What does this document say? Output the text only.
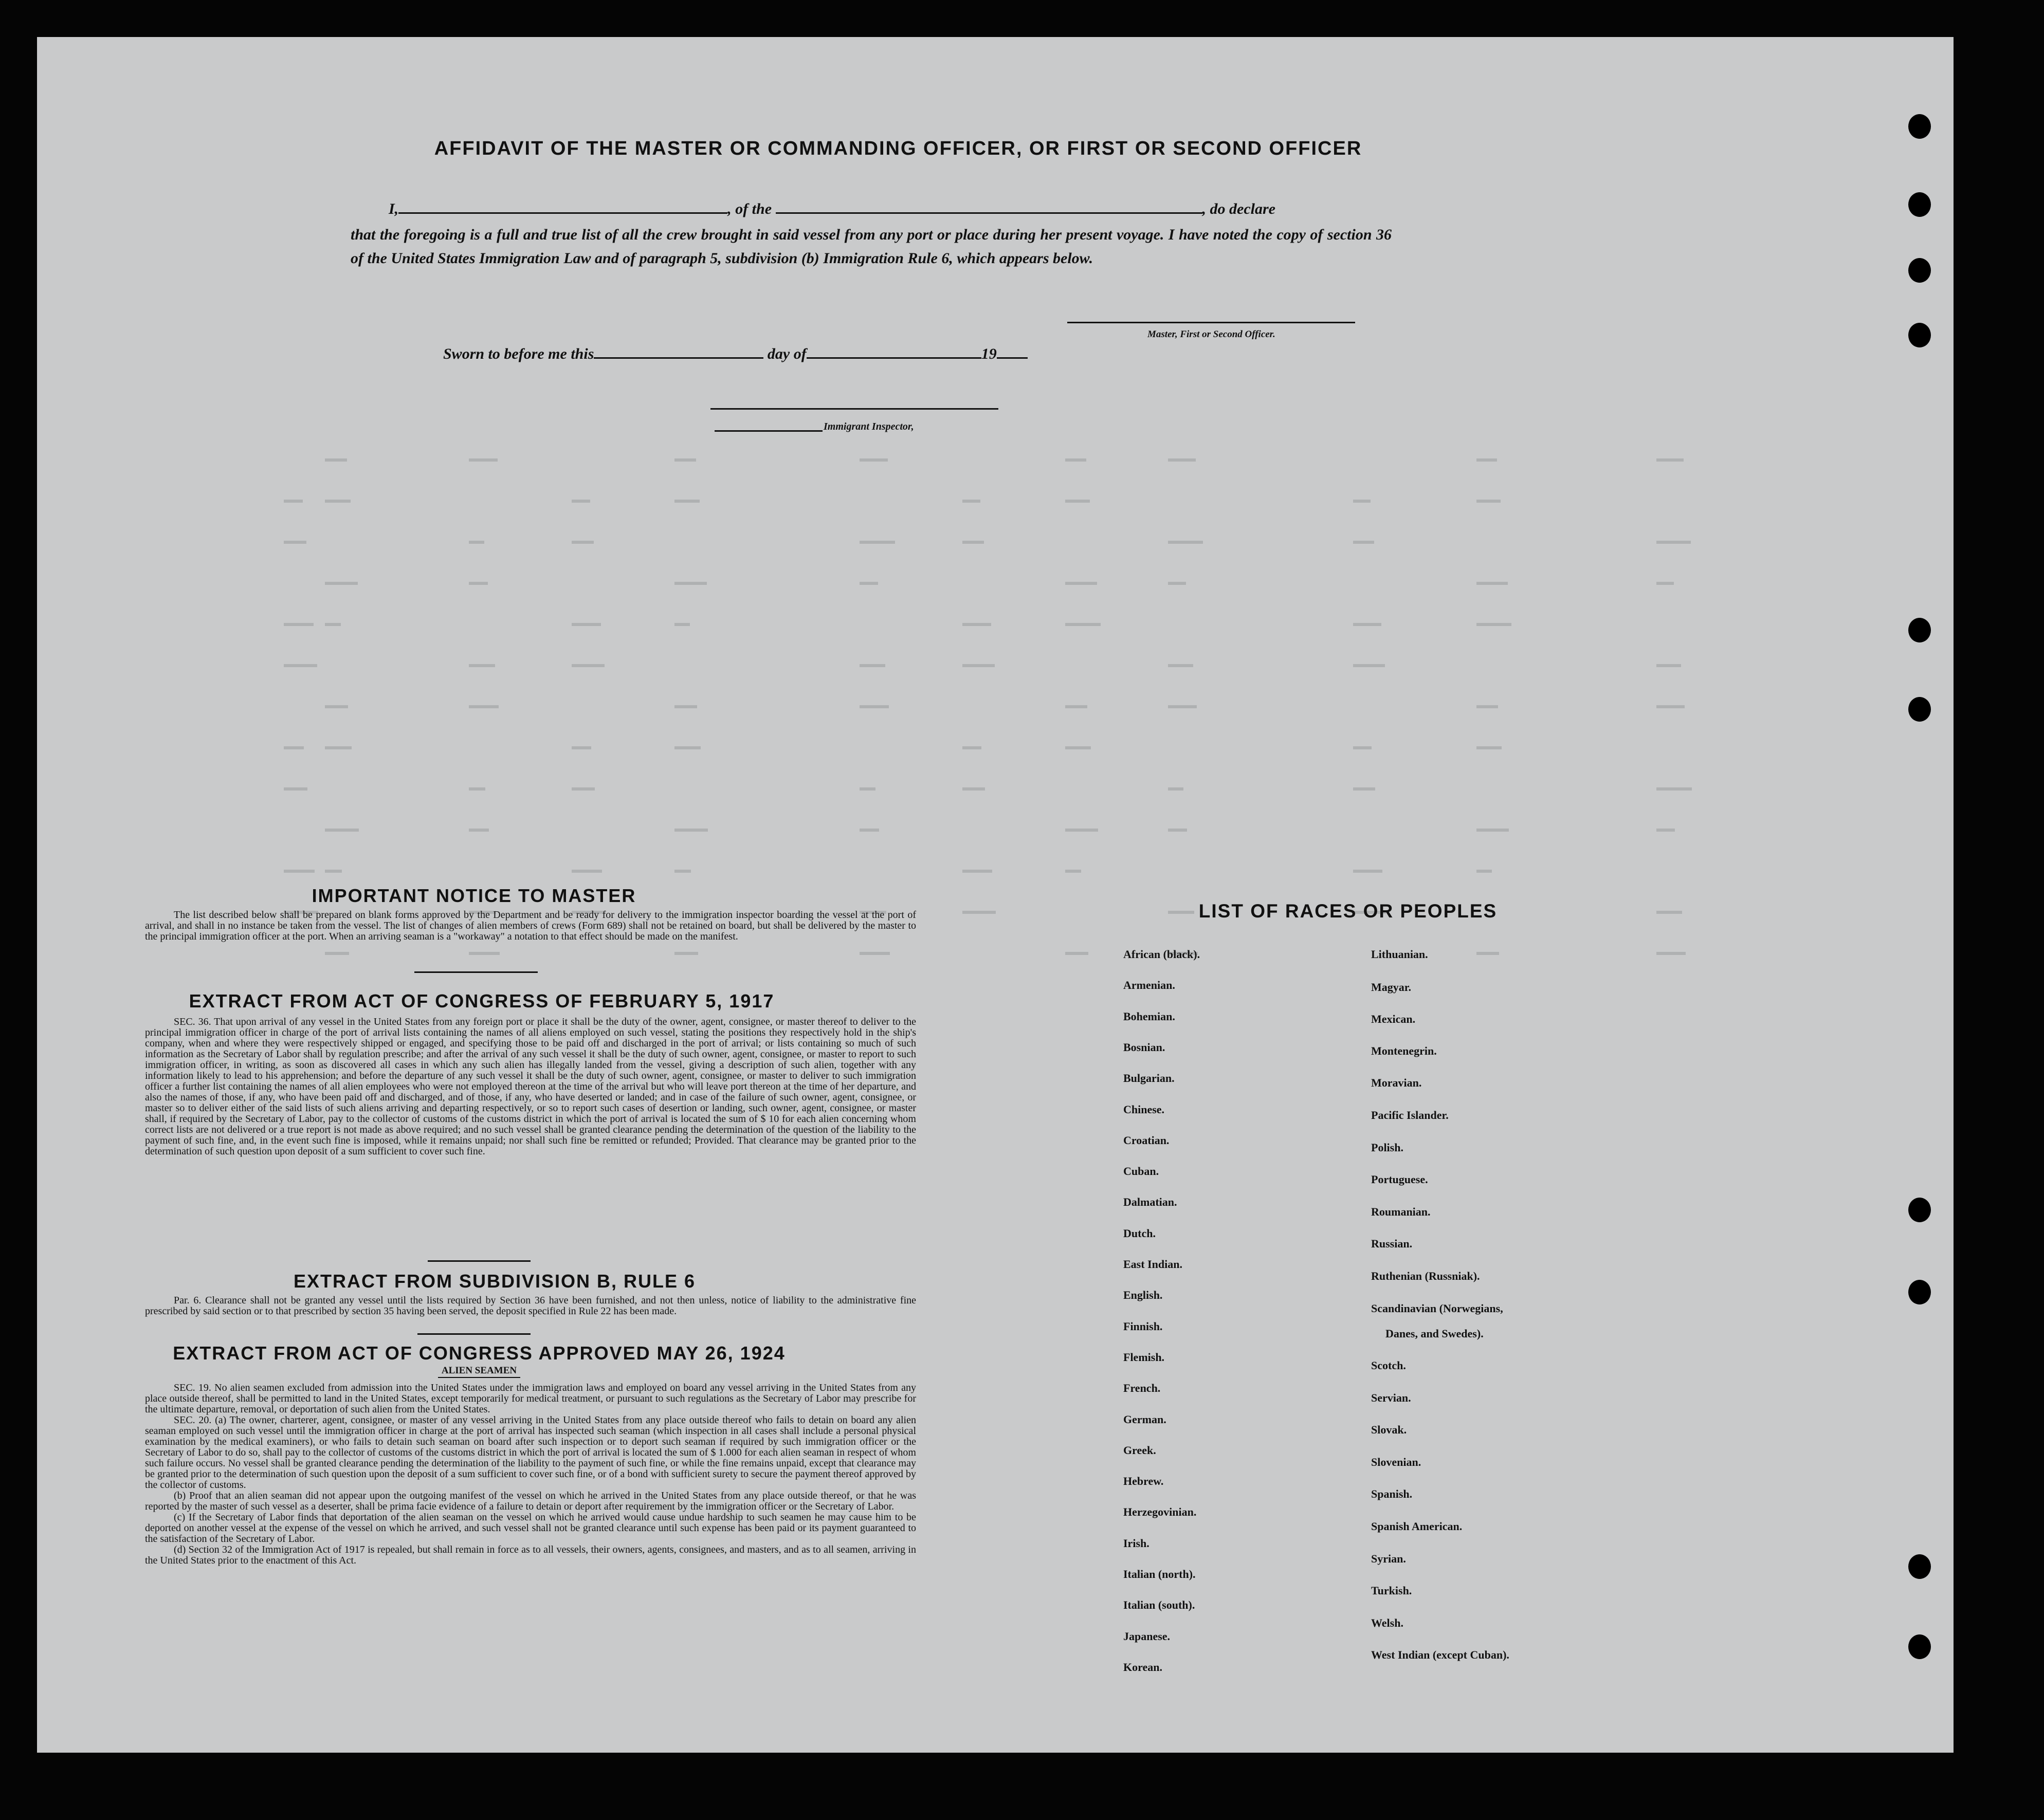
AFFIDAVIT OF THE MASTER OR COMMANDING OFFICER, OR FIRST OR SECOND OFFICER
I,	, of the	, do declare
that the foregoing is a full and true list of all the crew brought in said vessel from any port or place during her present voyage. I have noted the copy of section 36 of the United States Immigration Law and of paragraph 5, subdivision (b) Immigration Rule 6, which appears below.
Master, First or Second Officer.
Sworn to before me this	day of	19
Immigrant Inspector,
IMPORTANT NOTICE TO MASTER

The list described below shall be prepared on blank forms approved by the Department and be ready for delivery to the immigration inspector boarding the vessel at the port of arrival, and shall in no instance be taken from the vessel. The list of changes of alien members of crews (Form 689) shall not be retained on board, but shall be delivered by the master to the principal immigration officer at the port. When an arriving seaman is a "workaway" a notation to that effect should be made on the manifest.

EXTRACT FROM ACT OF CONGRESS OF FEBRUARY 5, 1917

SEC. 36. That upon arrival of any vessel in the United States from any foreign port or place it shall be the duty of the owner, agent, consignee, or master thereof to deliver to the principal immigration officer in charge of the port of arrival lists containing the names of all aliens employed on such vessel, stating the positions they respectively hold in the ship's company, when and where they were respectively shipped or engaged, and specifying those to be paid off and discharged in the port of arrival; or lists containing so much of such information as the Secretary of Labor shall by regulation prescribe; and after the arrival of any such vessel it shall be the duty of such owner, agent, consignee, or master to report to such immigration officer, in writing, as soon as discovered all cases in which any such alien has illegally landed from the vessel, giving a description of such alien, together with any information likely to lead to his apprehension; and before the departure of any such vessel it shall be the duty of such owner, agent, consignee, or master to deliver to such immigration officer a further list containing the names of all alien employees who were not employed thereon at the time of the arrival but who will leave port thereon at the time of her departure, and also the names of those, if any, who have been paid off and discharged, and of those, if any, who have deserted or landed; and in case of the failure of such owner, agent, consignee, or master so to deliver either of the said lists of such aliens arriving and departing respectively, or so to report such cases of desertion or landing, such owner, agent, consignee, or master shall, if required by the Secretary of Labor, pay to the collector of customs of the customs district in which the port of arrival is located the sum of $ 10 for each alien concerning whom correct lists are not delivered or a true report is not made as above required; and no such vessel shall be granted clearance pending the determination of the question of the liability to the payment of such fine, and, in the event such fine is imposed, while it remains unpaid; nor shall such fine be remitted or refunded; Provided. That clearance may be granted prior to the determination of such question upon deposit of a sum sufficient to cover such fine.

EXTRACT FROM SUBDIVISION B, RULE 6

Par. 6. Clearance shall not be granted any vessel until the lists required by Section 36 have been furnished, and not then unless, notice of liability to the administrative fine prescribed by said section or to that prescribed by section 35 having been served, the deposit specified in Rule 22 has been made.

EXTRACT FROM ACT OF CONGRESS APPROVED MAY 26, 1924
ALIEN SEAMEN

SEC. 19. No alien seamen excluded from admission into the United States under the immigration laws and employed on board any vessel arriving in the United States from any place outside thereof, shall be permitted to land in the United States, except temporarily for medical treatment, or pursuant to such regulations as the Secretary of Labor may prescribe for the ultimate departure, removal, or deportation of such alien from the United States.

SEC. 20. (a) The owner, charterer, agent, consignee, or master of any vessel arriving in the United States from any place outside thereof who fails to detain on board any alien seaman employed on such vessel until the immigration officer in charge at the port of arrival has inspected such seaman (which inspection in all cases shall include a personal physical examination by the medical examiners), or who fails to detain such seaman on board after such inspection or to deport such seaman if required by such immigration officer or the Secretary of Labor to do so, shall pay to the collector of customs of the customs district in which the port of arrival is located the sum of $ 1.000 for each alien seaman in respect of whom such failure occurs. No vessel shall be granted clearance pending the determination of the liability to the payment of such fine, or while the fine remains unpaid, except that clearance may be granted prior to the determination of such question upon the deposit of a sum sufficient to cover such fine, or of a bond with sufficient surety to secure the payment thereof approved by the collector of customs.

(b) Proof that an alien seaman did not appear upon the outgoing manifest of the vessel on which he arrived in the United States from any place outside thereof, or that he was reported by the master of such vessel as a deserter, shall be prima facie evidence of a failure to detain or deport after requirement by the immigration officer or the Secretary of Labor.

(c) If the Secretary of Labor finds that deportation of the alien seaman on the vessel on which he arrived would cause undue hardship to such seamen he may cause him to be deported on another vessel at the expense of the vessel on which he arrived, and such vessel shall not be granted clearance until such expense has been paid or its payment guaranteed to the satisfaction of the Secretary of Labor.

(d) Section 32 of the Immigration Act of 1917 is repealed, but shall remain in force as to all vessels, their owners, agents, consignees, and masters, and as to all seamen, arriving in the United States prior to the enactment of this Act.

LIST OF RACES OR PEOPLES
African (black).
Armenian.
Bohemian.
Bosnian.
Bulgarian.
Chinese.
Croatian.
Cuban.
Dalmatian.
Dutch.
East Indian.
English.
Finnish.
Flemish.
French.
German.
Greek.
Hebrew.
Herzegovinian.
Irish.
Italian (north).
Italian (south).
Japanese.
Korean.
Lithuanian.
Magyar.
Mexican.
Montenegrin.
Moravian.
Pacific Islander.
Polish.
Portuguese.
Roumanian.
Russian.
Ruthenian (Russniak).
Scandinavian (Norwegians,
Danes, and Swedes).
Scotch.
Servian.
Slovak.
Slovenian.
Spanish.
Spanish American.
Syrian.
Turkish.
Welsh.
West Indian (except Cuban).
